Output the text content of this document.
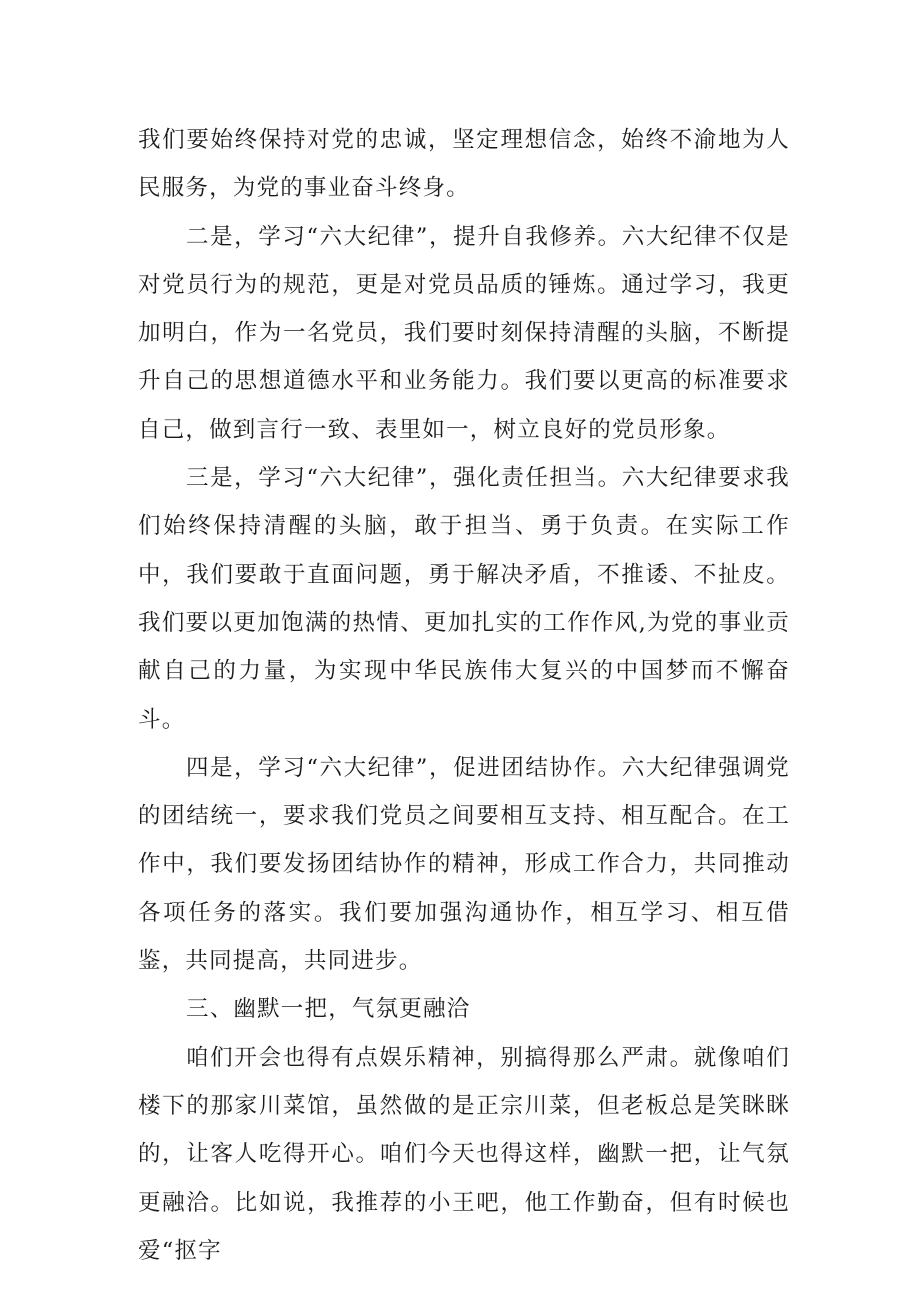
我们要始终保持对党的忠诚，坚定理想信念，始终不渝地为人民服务，为党的事业奋斗终身。

二是，学习“六大纪律”，提升自我修养。六大纪律不仅是对党员行为的规范，更是对党员品质的锤炼。通过学习，我更加明白，作为一名党员，我们要时刻保持清醒的头脑，不断提升自己的思想道德水平和业务能力。我们要以更高的标准要求自己，做到言行一致、表里如一，树立良好的党员形象。

三是，学习“六大纪律”，强化责任担当。六大纪律要求我们始终保持清醒的头脑，敢于担当、勇于负责。在实际工作中，我们要敢于直面问题，勇于解决矛盾，不推诿、不扯皮。我们要以更加饱满的热情、更加扎实的工作作风,为党的事业贡献自己的力量，为实现中华民族伟大复兴的中国梦而不懈奋斗。

四是，学习“六大纪律”，促进团结协作。六大纪律强调党的团结统一，要求我们党员之间要相互支持、相互配合。在工作中，我们要发扬团结协作的精神，形成工作合力，共同推动各项任务的落实。我们要加强沟通协作，相互学习、相互借鉴，共同提高，共同进步。

三、幽默一把，气氛更融洽

咱们开会也得有点娱乐精神，别搞得那么严肃。就像咱们楼下的那家川菜馆，虽然做的是正宗川菜，但老板总是笑眯眯的，让客人吃得开心。咱们今天也得这样，幽默一把，让气氛更融洽。比如说，我推荐的小王吧，他工作勤奋，但有时候也爱“抠字
